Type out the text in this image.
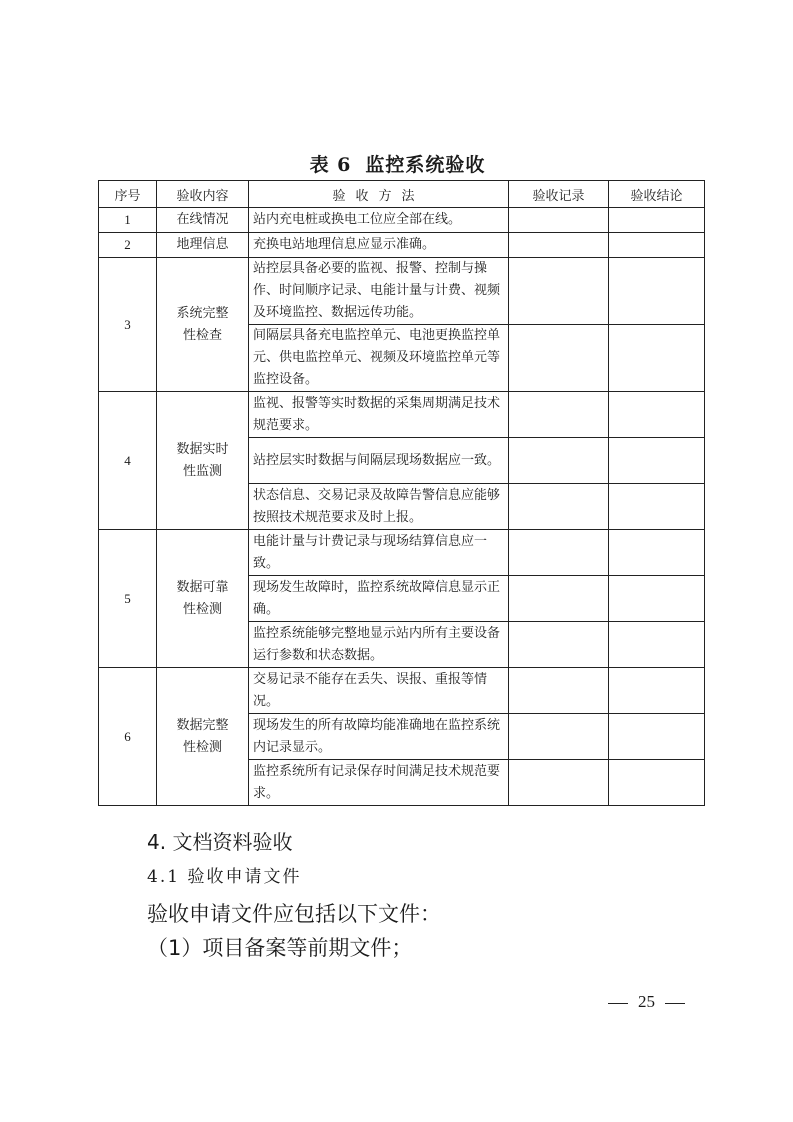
表 6 监控系统验收
序号	验收内容	验收方法	验收记录	验收结论
1	在线情况	站内充电桩或换电工位应全部在线。		
2	地理信息	充换电站地理信息应显示准确。		
3	系统完整性检查	站控层具备必要的监视、报警、控制与操作、时间顺序记录、电能计量与计费、视频及环境监控、数据远传功能。		
		间隔层具备充电监控单元、电池更换监控单元、供电监控单元、视频及环境监控单元等监控设备。		
4	数据实时性监测	监视、报警等实时数据的采集周期满足技术规范要求。		
		站控层实时数据与间隔层现场数据应一致。		
		状态信息、交易记录及故障告警信息应能够按照技术规范要求及时上报。		
5	数据可靠性检测	电能计量与计费记录与现场结算信息应一致。		
		现场发生故障时，监控系统故障信息显示正确。		
		监控系统能够完整地显示站内所有主要设备运行参数和状态数据。		
6	数据完整性检测	交易记录不能存在丢失、误报、重报等情况。		
		现场发生的所有故障均能准确地在监控系统内记录显示。		
		监控系统所有记录保存时间满足技术规范要求。		
4. 文档资料验收
4.1 验收申请文件
验收申请文件应包括以下文件：
（1）项目备案等前期文件；
25
